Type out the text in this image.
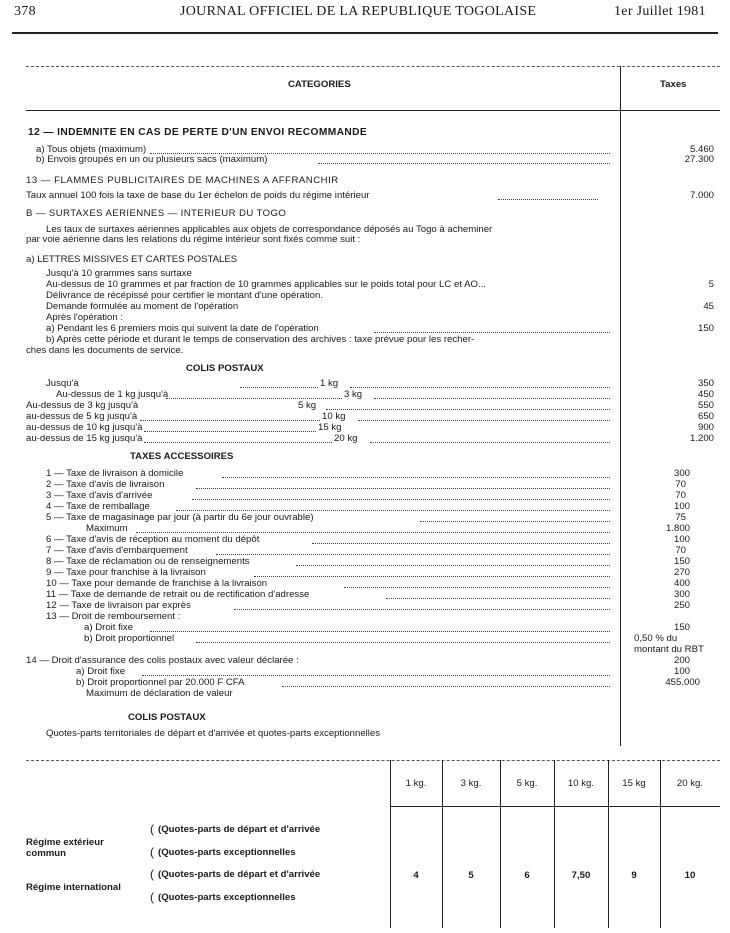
378	JOURNAL OFFICIEL DE LA REPUBLIQUE TOGOLAISE	1er Juillet 1981
CATEGORIES	Taxes
12 — INDEMNITE EN CAS DE PERTE D'UN ENVOI RECOMMANDE
a) Tous objets (maximum)	5.460
b) Envois groupés en un ou plusieurs sacs (maximum)	27.300
13 — FLAMMES PUBLICITAIRES DE MACHINES A AFFRANCHIR
Taux annuel 100 fois la taxe de base du 1er échelon de poids du régime intérieur	7.000
B — SURTAXES AERIENNES — INTERIEUR DU TOGO
Les taux de surtaxes aériennes applicables aux objets de correspondance déposés au Togo à acheminer
par voie aérienne dans les relations du régime intérieur sont fixés comme suit :
a) LETTRES MISSIVES ET CARTES POSTALES
Jusqu'à 10 grammes sans surtaxe
Au-dessus de 10 grammes et par fraction de 10 grammes applicables sur le poids total pour LC et AO...	5
Délivrance de récépissé pour certifier le montant d'une opération.
Demande formulée au moment de l'opération	45
Après l'opération :
a) Pendant les 6 premiers mois qui suivent la date de l'opération	150
b) Après cette période et durant le temps de conservation des archives : taxe prévue pour les recher-
ches dans les documents de service.
COLIS POSTAUX
Jusqu'à	1 kg	350
Au-dessus de 1 kg jusqu'à	3 kg	450
Au-dessus de 3 kg jusqu'à	5 kg	550
au-dessus de 5 kg jusqu'à	10 kg	650
au-dessus de 10 kg jusqu'à	15 kg	900
au-dessus de 15 kg jusqu'à	20 kg	1.200
TAXES ACCESSOIRES
1 — Taxe de livraison à domicile	300
2 — Taxe d'avis de livraison	70
3 — Taxe d'avis d'arrivée	70
4 — Taxe de remballage	100
5 — Taxe de magasinage par jour (à partir du 6e jour ouvrable)	75
Maximum	1.800
6 — Taxe d'avis de réception au moment du dépôt	100
7 — Taxe d'avis d'embarquement	70
8 — Taxe de réclamation ou de renseignements	150
9 — Taxe pour franchise à la livraison	270
10 — Taxe pour demande de franchise à la livraison	400
11 — Taxe de demande de retrait ou de rectification d'adresse	300
12 — Taxe de livraison par exprès	250
13 — Droit de remboursement :
a) Droit fixe	150
b) Droit proportionnel	0,50 % du
montant du RBT
14 — Droit d'assurance des colis postaux avec valeur déclarée :	200
a) Droit fixe	100
b) Droit proportionnel par 20.000 F CFA	455.000
Maximum de déclaration de valeur
COLIS POSTAUX
Quotes-parts territoriales de départ et d'arrivée et quotes-parts exceptionnelles
1 kg.	3 kg.	5 kg.	10 kg.	15 kg	20 kg.
Régime extérieur
commun
Régime international
( (Quotes-parts de départ et d'arrivée
( (Quotes-parts exceptionnelles
( (Quotes-parts de départ et d'arrivée
( (Quotes-parts exceptionnelles
4	5	6	7,50	9	10
